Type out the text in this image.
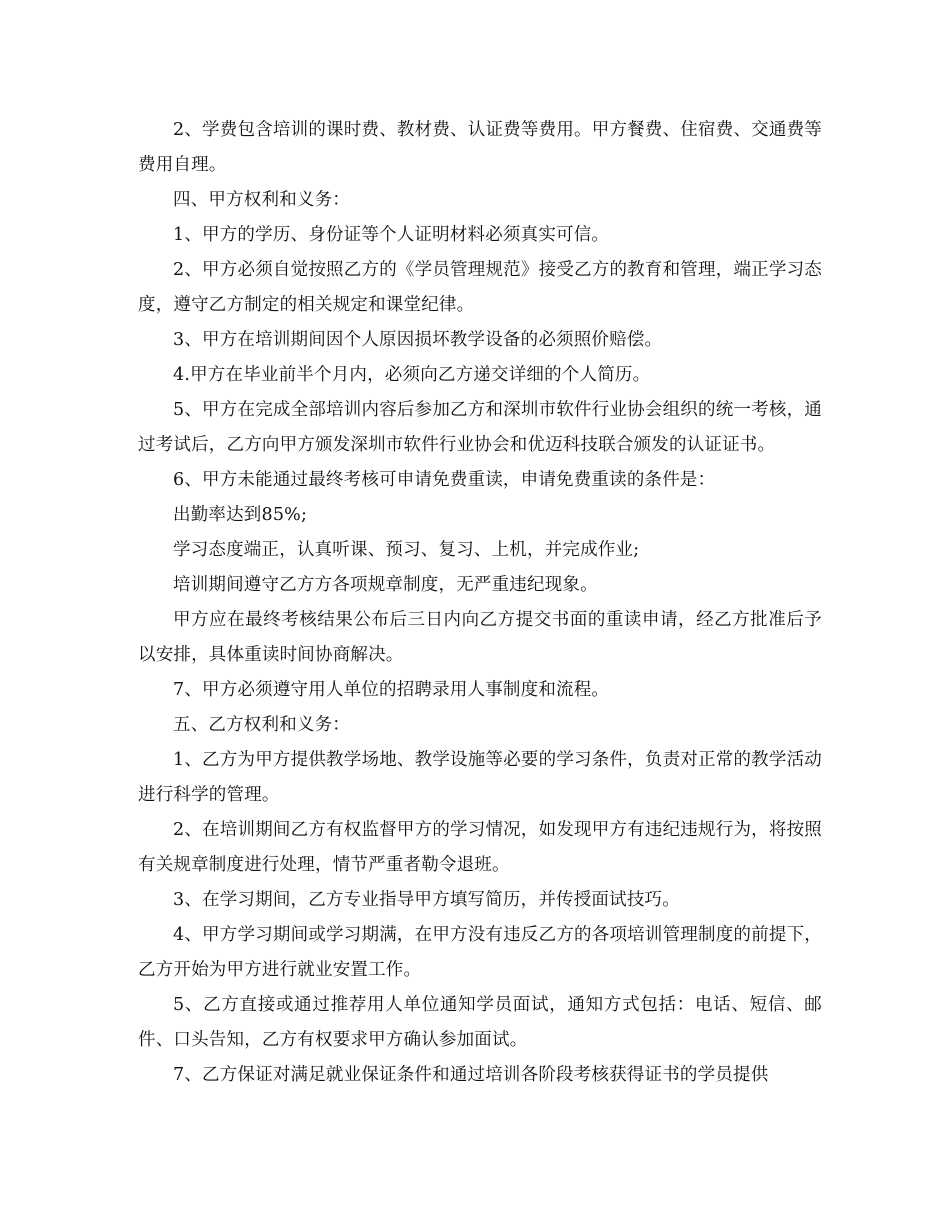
2、学费包含培训的课时费、教材费、认证费等费用。甲方餐费、住宿费、交通费等费用自理。

四、甲方权利和义务：

1、甲方的学历、身份证等个人证明材料必须真实可信。

2、甲方必须自觉按照乙方的《学员管理规范》接受乙方的教育和管理，端正学习态度，遵守乙方制定的相关规定和课堂纪律。

3、甲方在培训期间因个人原因损坏教学设备的必须照价赔偿。

4.甲方在毕业前半个月内，必须向乙方递交详细的个人简历。

5、甲方在完成全部培训内容后参加乙方和深圳市软件行业协会组织的统一考核，通过考试后，乙方向甲方颁发深圳市软件行业协会和优迈科技联合颁发的认证证书。

6、甲方未能通过最终考核可申请免费重读，申请免费重读的条件是：

出勤率达到85%;

学习态度端正，认真听课、预习、复习、上机，并完成作业;

培训期间遵守乙方方各项规章制度，无严重违纪现象。

甲方应在最终考核结果公布后三日内向乙方提交书面的重读申请，经乙方批准后予以安排，具体重读时间协商解决。

7、甲方必须遵守用人单位的招聘录用人事制度和流程。

五、乙方权利和义务：

1、乙方为甲方提供教学场地、教学设施等必要的学习条件，负责对正常的教学活动进行科学的管理。

2、在培训期间乙方有权监督甲方的学习情况，如发现甲方有违纪违规行为，将按照有关规章制度进行处理，情节严重者勒令退班。

3、在学习期间，乙方专业指导甲方填写简历，并传授面试技巧。

4、甲方学习期间或学习期满，在甲方没有违反乙方的各项培训管理制度的前提下，乙方开始为甲方进行就业安置工作。

5、乙方直接或通过推荐用人单位通知学员面试，通知方式包括：电话、短信、邮件、口头告知，乙方有权要求甲方确认参加面试。

7、乙方保证对满足就业保证条件和通过培训各阶段考核获得证书的学员提供
